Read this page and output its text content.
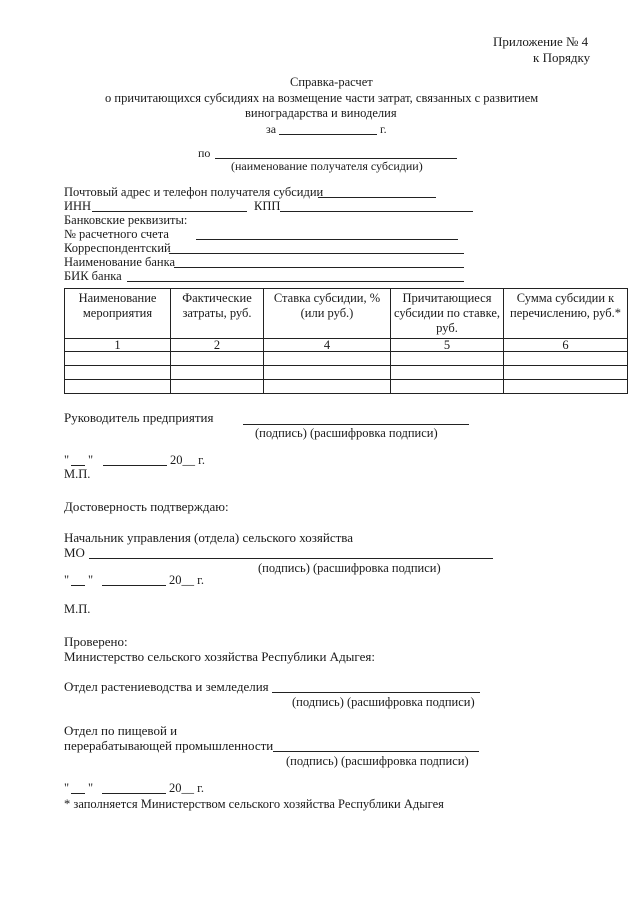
Приложение № 4
к Порядку
Справка-расчет
о причитающихся субсидиях на возмещение части затрат, связанных с развитием
виноградарства и виноделия
за	г.
по
(наименование получателя субсидии)
Почтовый адрес и телефон получателя субсидии
ИНН	КПП
Банковские реквизиты:
№ расчетного счета
Корреспондентский
Наименование банка
БИК банка
Наименование мероприятия	Фактические затраты, руб.	Ставка субсидии, % (или руб.)	Причитающиеся субсидии по ставке, руб.	Сумма субсидии к перечислению, руб.*
1	2	4	5	6

Руководитель предприятия
(подпись) (расшифровка подписи)
" "	20__ г.
М.П.
Достоверность подтверждаю:
Начальник управления (отдела) сельского хозяйства
МО
(подпись) (расшифровка подписи)
" "	20__ г.
М.П.
Проверено:
Министерство сельского хозяйства Республики Адыгея:
Отдел растениеводства и земледелия
(подпись) (расшифровка подписи)
Отдел по пищевой и
перерабатывающей промышленности
(подпись) (расшифровка подписи)
" "	20__ г.
* заполняется Министерством сельского хозяйства Республики Адыгея
